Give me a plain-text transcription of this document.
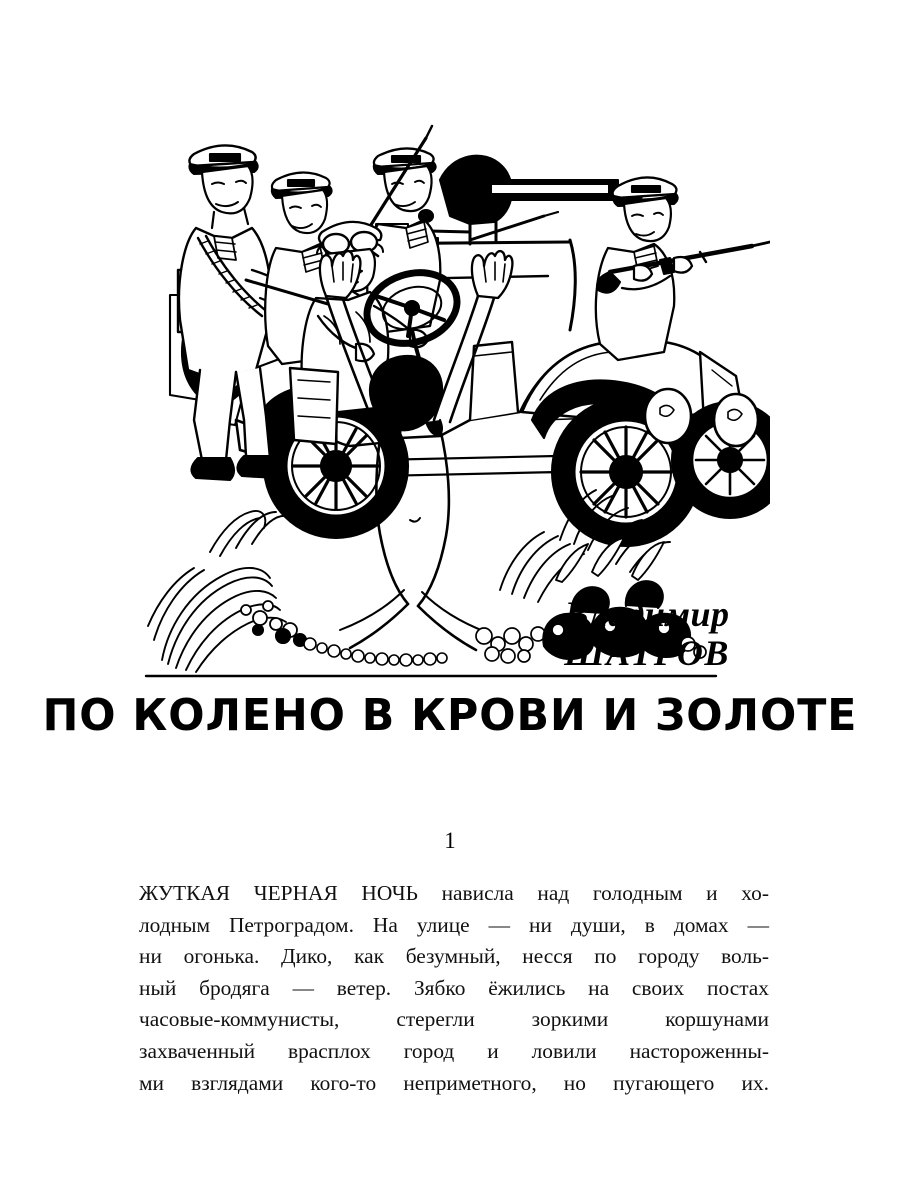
Владимир
ШАТРОВ
ПО КОЛЕНО В КРОВИ И ЗОЛОТЕ
1
ЖУТКАЯ ЧЕРНАЯ НОЧЬ нависла над голодным и хо-
лодным Петроградом. На улице — ни души, в домах —
ни огонька. Дико, как безумный, несся по городу воль-
ный бродяга — ветер. Зябко ёжились на своих постах
часовые-коммунисты, стерегли зоркими коршунами
захваченный врасплох город и ловили настороженны-
ми взглядами кого-то неприметного, но пугающего их.
